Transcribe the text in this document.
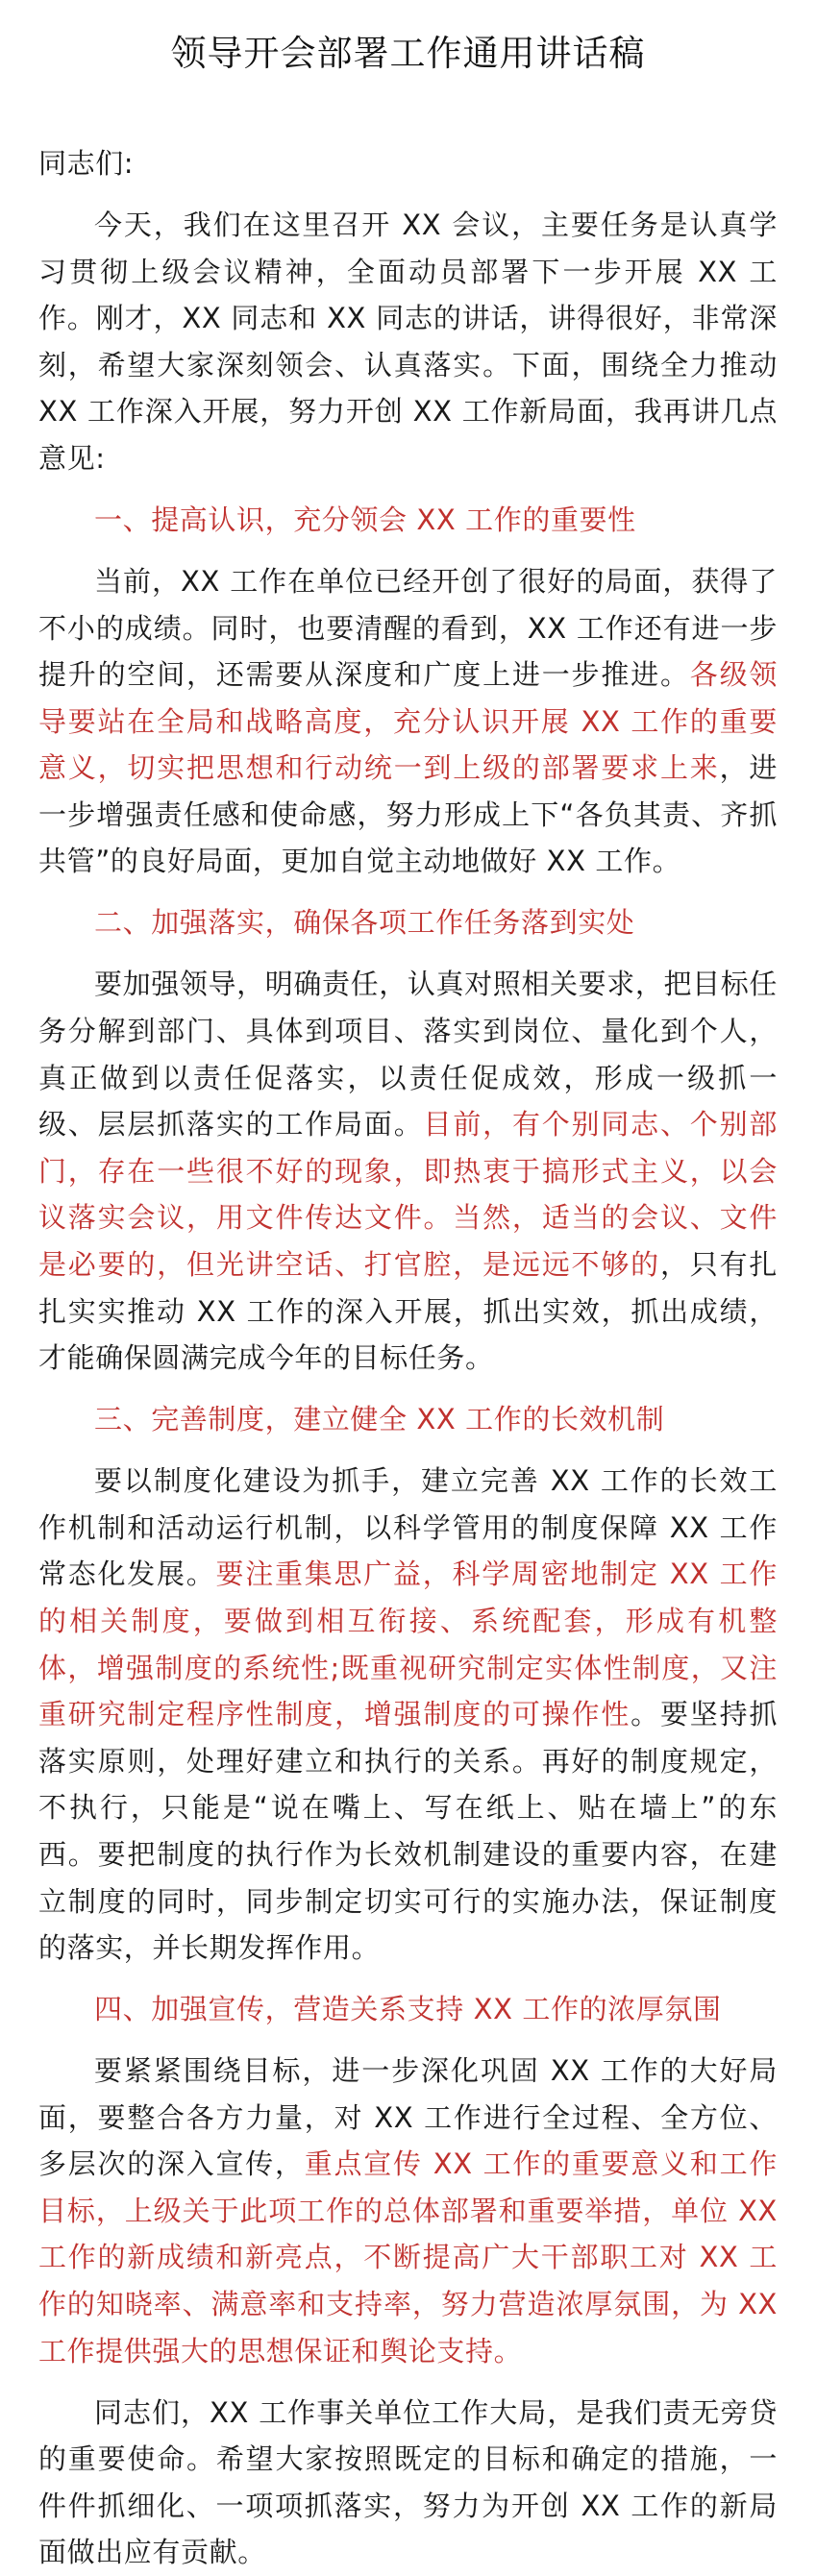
领导开会部署工作通用讲话稿

同志们:

今天，我们在这里召开 XX 会议，主要任务是认真学习贯彻上级会议精神，全面动员部署下一步开展 XX 工作。刚才，XX 同志和 XX 同志的讲话，讲得很好，非常深刻，希望大家深刻领会、认真落实。下面，围绕全力推动 XX 工作深入开展，努力开创 XX 工作新局面，我再讲几点意见:

一、提高认识，充分领会 XX 工作的重要性

当前，XX 工作在单位已经开创了很好的局面，获得了不小的成绩。同时，也要清醒的看到，XX 工作还有进一步提升的空间，还需要从深度和广度上进一步推进。各级领导要站在全局和战略高度，充分认识开展 XX 工作的重要意义，切实把思想和行动统一到上级的部署要求上来，进一步增强责任感和使命感，努力形成上下“各负其责、齐抓共管”的良好局面，更加自觉主动地做好 XX 工作。

二、加强落实，确保各项工作任务落到实处

要加强领导，明确责任，认真对照相关要求，把目标任务分解到部门、具体到项目、落实到岗位、量化到个人，真正做到以责任促落实，以责任促成效，形成一级抓一级、层层抓落实的工作局面。目前，有个别同志、个别部门，存在一些很不好的现象，即热衷于搞形式主义，以会议落实会议，用文件传达文件。当然，适当的会议、文件是必要的，但光讲空话、打官腔，是远远不够的，只有扎扎实实推动 XX 工作的深入开展，抓出实效，抓出成绩，才能确保圆满完成今年的目标任务。

三、完善制度，建立健全 XX 工作的长效机制

要以制度化建设为抓手，建立完善 XX 工作的长效工作机制和活动运行机制，以科学管用的制度保障 XX 工作常态化发展。要注重集思广益，科学周密地制定 XX 工作的相关制度，要做到相互衔接、系统配套，形成有机整体，增强制度的系统性;既重视研究制定实体性制度，又注重研究制定程序性制度，增强制度的可操作性。要坚持抓落实原则，处理好建立和执行的关系。再好的制度规定，不执行，只能是“说在嘴上、写在纸上、贴在墙上”的东西。要把制度的执行作为长效机制建设的重要内容，在建立制度的同时，同步制定切实可行的实施办法，保证制度的落实，并长期发挥作用。

四、加强宣传，营造关系支持 XX 工作的浓厚氛围

要紧紧围绕目标，进一步深化巩固 XX 工作的大好局面，要整合各方力量，对 XX 工作进行全过程、全方位、多层次的深入宣传，重点宣传 XX 工作的重要意义和工作目标，上级关于此项工作的总体部署和重要举措，单位 XX 工作的新成绩和新亮点，不断提高广大干部职工对 XX 工作的知晓率、满意率和支持率，努力营造浓厚氛围，为 XX 工作提供强大的思想保证和舆论支持。

同志们，XX 工作事关单位工作大局，是我们责无旁贷的重要使命。希望大家按照既定的目标和确定的措施，一件件抓细化、一项项抓落实，努力为开创 XX 工作的新局面做出应有贡献。
